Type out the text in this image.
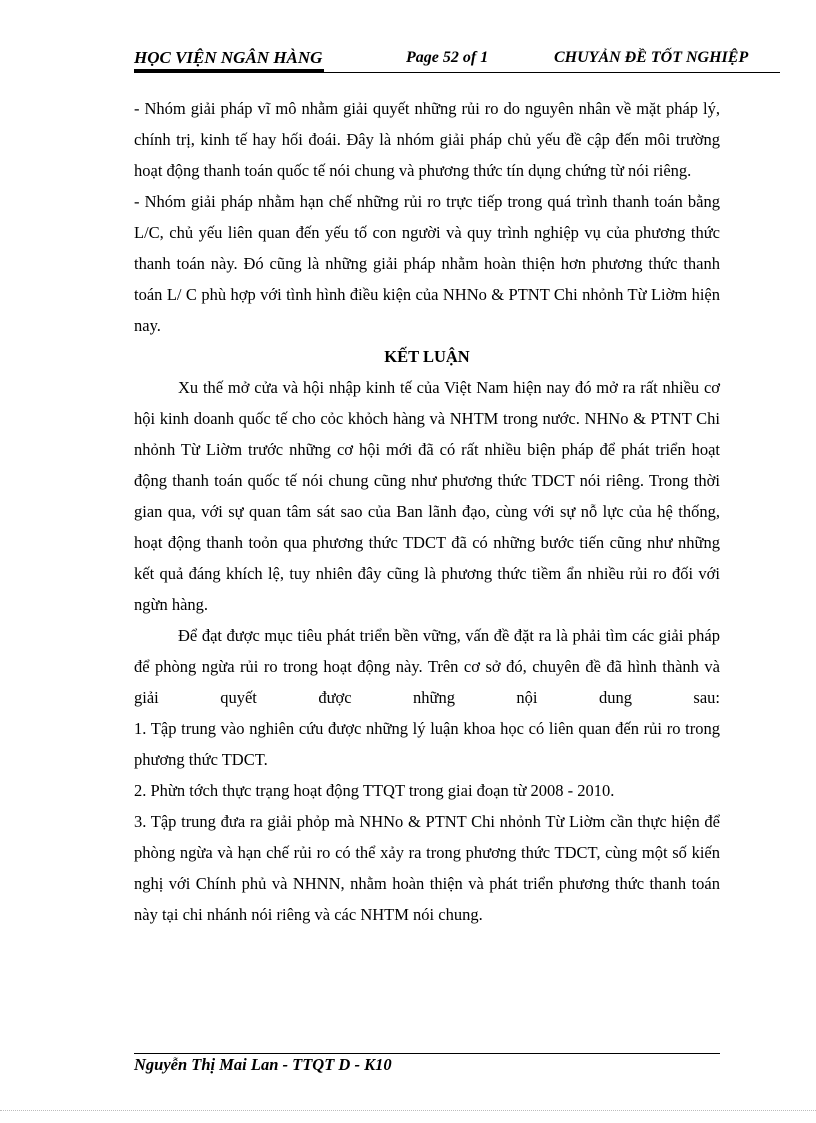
HỌC VIỆN NGÂN HÀNG	Page 52 of 1	CHUYẢN ĐỀ TỐT NGHIỆP

- Nhóm giải pháp vĩ mô nhằm giải quyết những rủi ro do nguyên nhân về mặt pháp lý, chính trị, kinh tế hay hối đoái. Đây là nhóm giải pháp chủ yếu đề cập đến môi trường hoạt động thanh toán quốc tế nói chung và phương thức tín dụng chứng từ nói riêng.

- Nhóm giải pháp nhằm hạn chế những rủi ro trực tiếp trong quá trình thanh toán bằng L/C, chủ yếu liên quan đến yếu tố con người và quy trình nghiệp vụ của phương thức thanh toán này. Đó cũng là những giải pháp nhằm hoàn thiện hơn phương thức thanh toán L/ C phù hợp với tình hình điều kiện của NHNo & PTNT Chi nhỏnh Từ Liờm hiện nay.

KẾT LUẬN

Xu thế mở cửa và hội nhập kinh tế của Việt Nam hiện nay đó mở ra rất nhiều cơ hội kinh doanh quốc tế cho cỏc khỏch hàng và NHTM trong nước. NHNo & PTNT Chi nhỏnh Từ Liờm trước những cơ hội mới đã có rất nhiều biện pháp để phát triển hoạt động thanh toán quốc tế nói chung cũng như phương thức TDCT nói riêng. Trong thời gian qua, với sự quan tâm sát sao của Ban lãnh đạo, cùng với sự nỗ lực của hệ thống, hoạt động thanh toỏn qua phương thức TDCT đã có những bước tiến cũng như những kết quả đáng khích lệ, tuy nhiên đây cũng là phương thức tiềm ẩn nhiều rủi ro đối với ngừn hàng.

Để đạt được mục tiêu phát triển bền vững, vấn đề đặt ra là phải tìm các giải pháp để phòng ngừa rủi ro trong hoạt động này. Trên cơ sở đó, chuyên đề đã hình thành và giải quyết được những nội dung sau:

1. Tập trung vào nghiên cứu được những lý luận khoa học có liên quan đến rủi ro trong phương thức TDCT.

2. Phừn tớch thực trạng hoạt động TTQT trong giai đoạn từ 2008 - 2010.

3. Tập trung đưa ra giải phỏp mà NHNo & PTNT Chi nhỏnh Từ Liờm cần thực hiện để phòng ngừa và hạn chế rủi ro có thể xảy ra trong phương thức TDCT, cùng một số kiến nghị với Chính phủ và NHNN, nhằm hoàn thiện và phát triển phương thức thanh toán này tại chi nhánh nói riêng và các NHTM nói chung.

Nguyễn Thị Mai Lan - TTQT D - K10
